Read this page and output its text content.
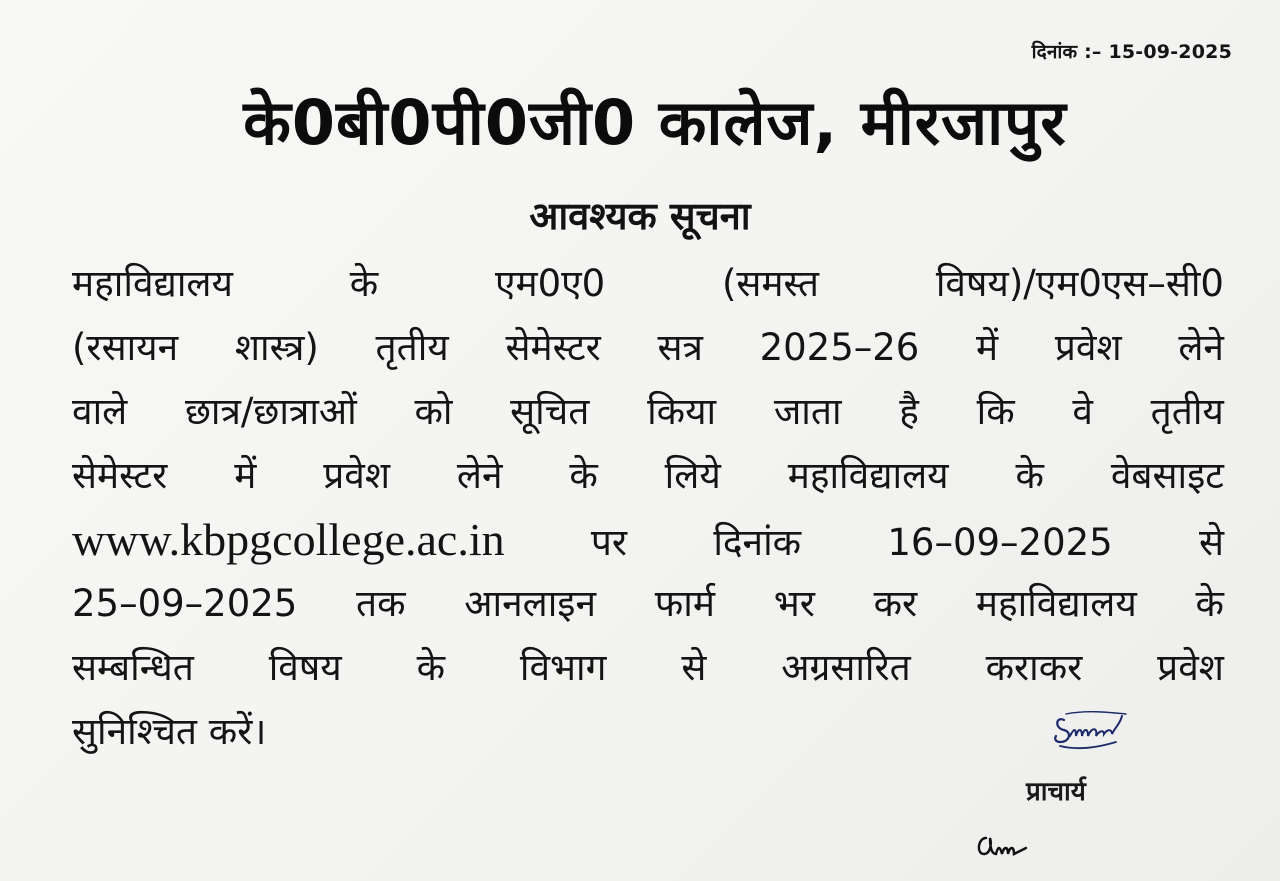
दिनांक :– 15-09-2025
के0बी0पी0जी0 कालेज, मीरजापुर
आवश्यक सूचना
महाविद्यालय	के	एम0ए0	(समस्त	विषय)/एम0एस–सी0
(रसायन शास्त्र) तृतीय सेमेस्टर सत्र 2025–26 में प्रवेश लेने
वाले छात्र/छात्राओं को सूचित किया जाता है कि वे तृतीय
सेमेस्टर में प्रवेश लेने के लिये महाविद्यालय के वेबसाइट
www.kbpgcollege.ac.in पर दिनांक 16–09–2025 से
25–09–2025 तक आनलाइन फार्म भर कर महाविद्यालय के
सम्बन्धित विषय के विभाग से अग्रसारित कराकर प्रवेश
सुनिश्चित करें।
प्राचार्य
